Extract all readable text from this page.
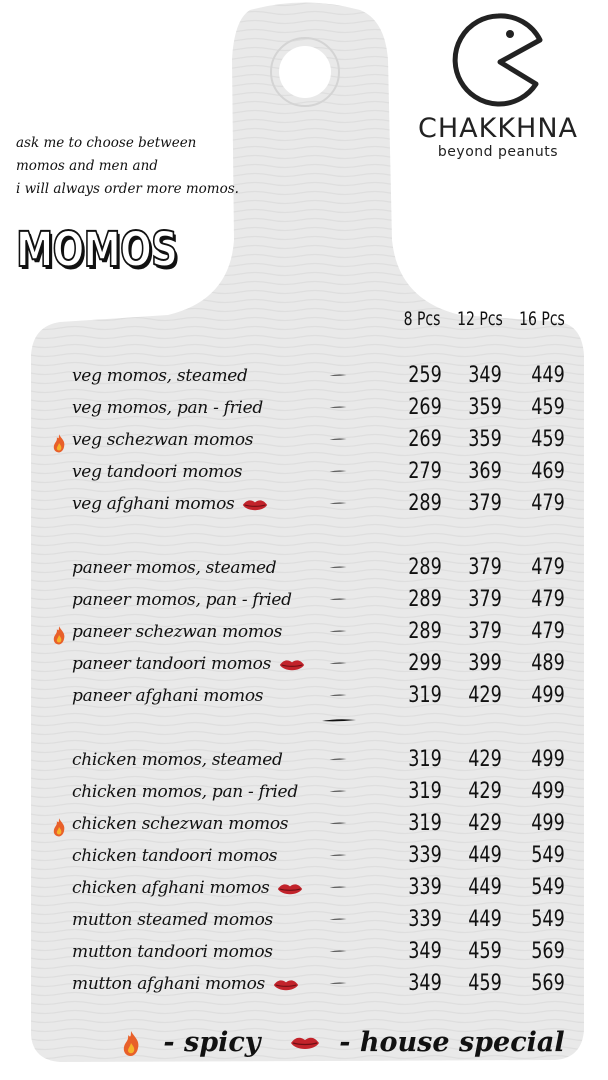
ask me to choose between
momos and men and
i will always order more momos.
MOMOS
CHAKKHNA
beyond peanuts
8 Pcs 12 Pcs 16 Pcs
veg momos, steamed	259	349	449
veg momos, pan - fried	269	359	459
veg schezwan momos	269	359	459
veg tandoori momos	279	369	469
veg afghani momos	289	379	479
paneer momos, steamed	289	379	479
paneer momos, pan - fried	289	379	479
paneer schezwan momos	289	379	479
paneer tandoori momos	299	399	489
paneer afghani momos	319	429	499
chicken momos, steamed	319	429	499
chicken momos, pan - fried	319	429	499
chicken schezwan momos	319	429	499
chicken tandoori momos	339	449	549
chicken afghani momos	339	449	549
mutton steamed momos	339	449	549
mutton tandoori momos	349	459	569
mutton afghani momos	349	459	569
- spicy	- house special
